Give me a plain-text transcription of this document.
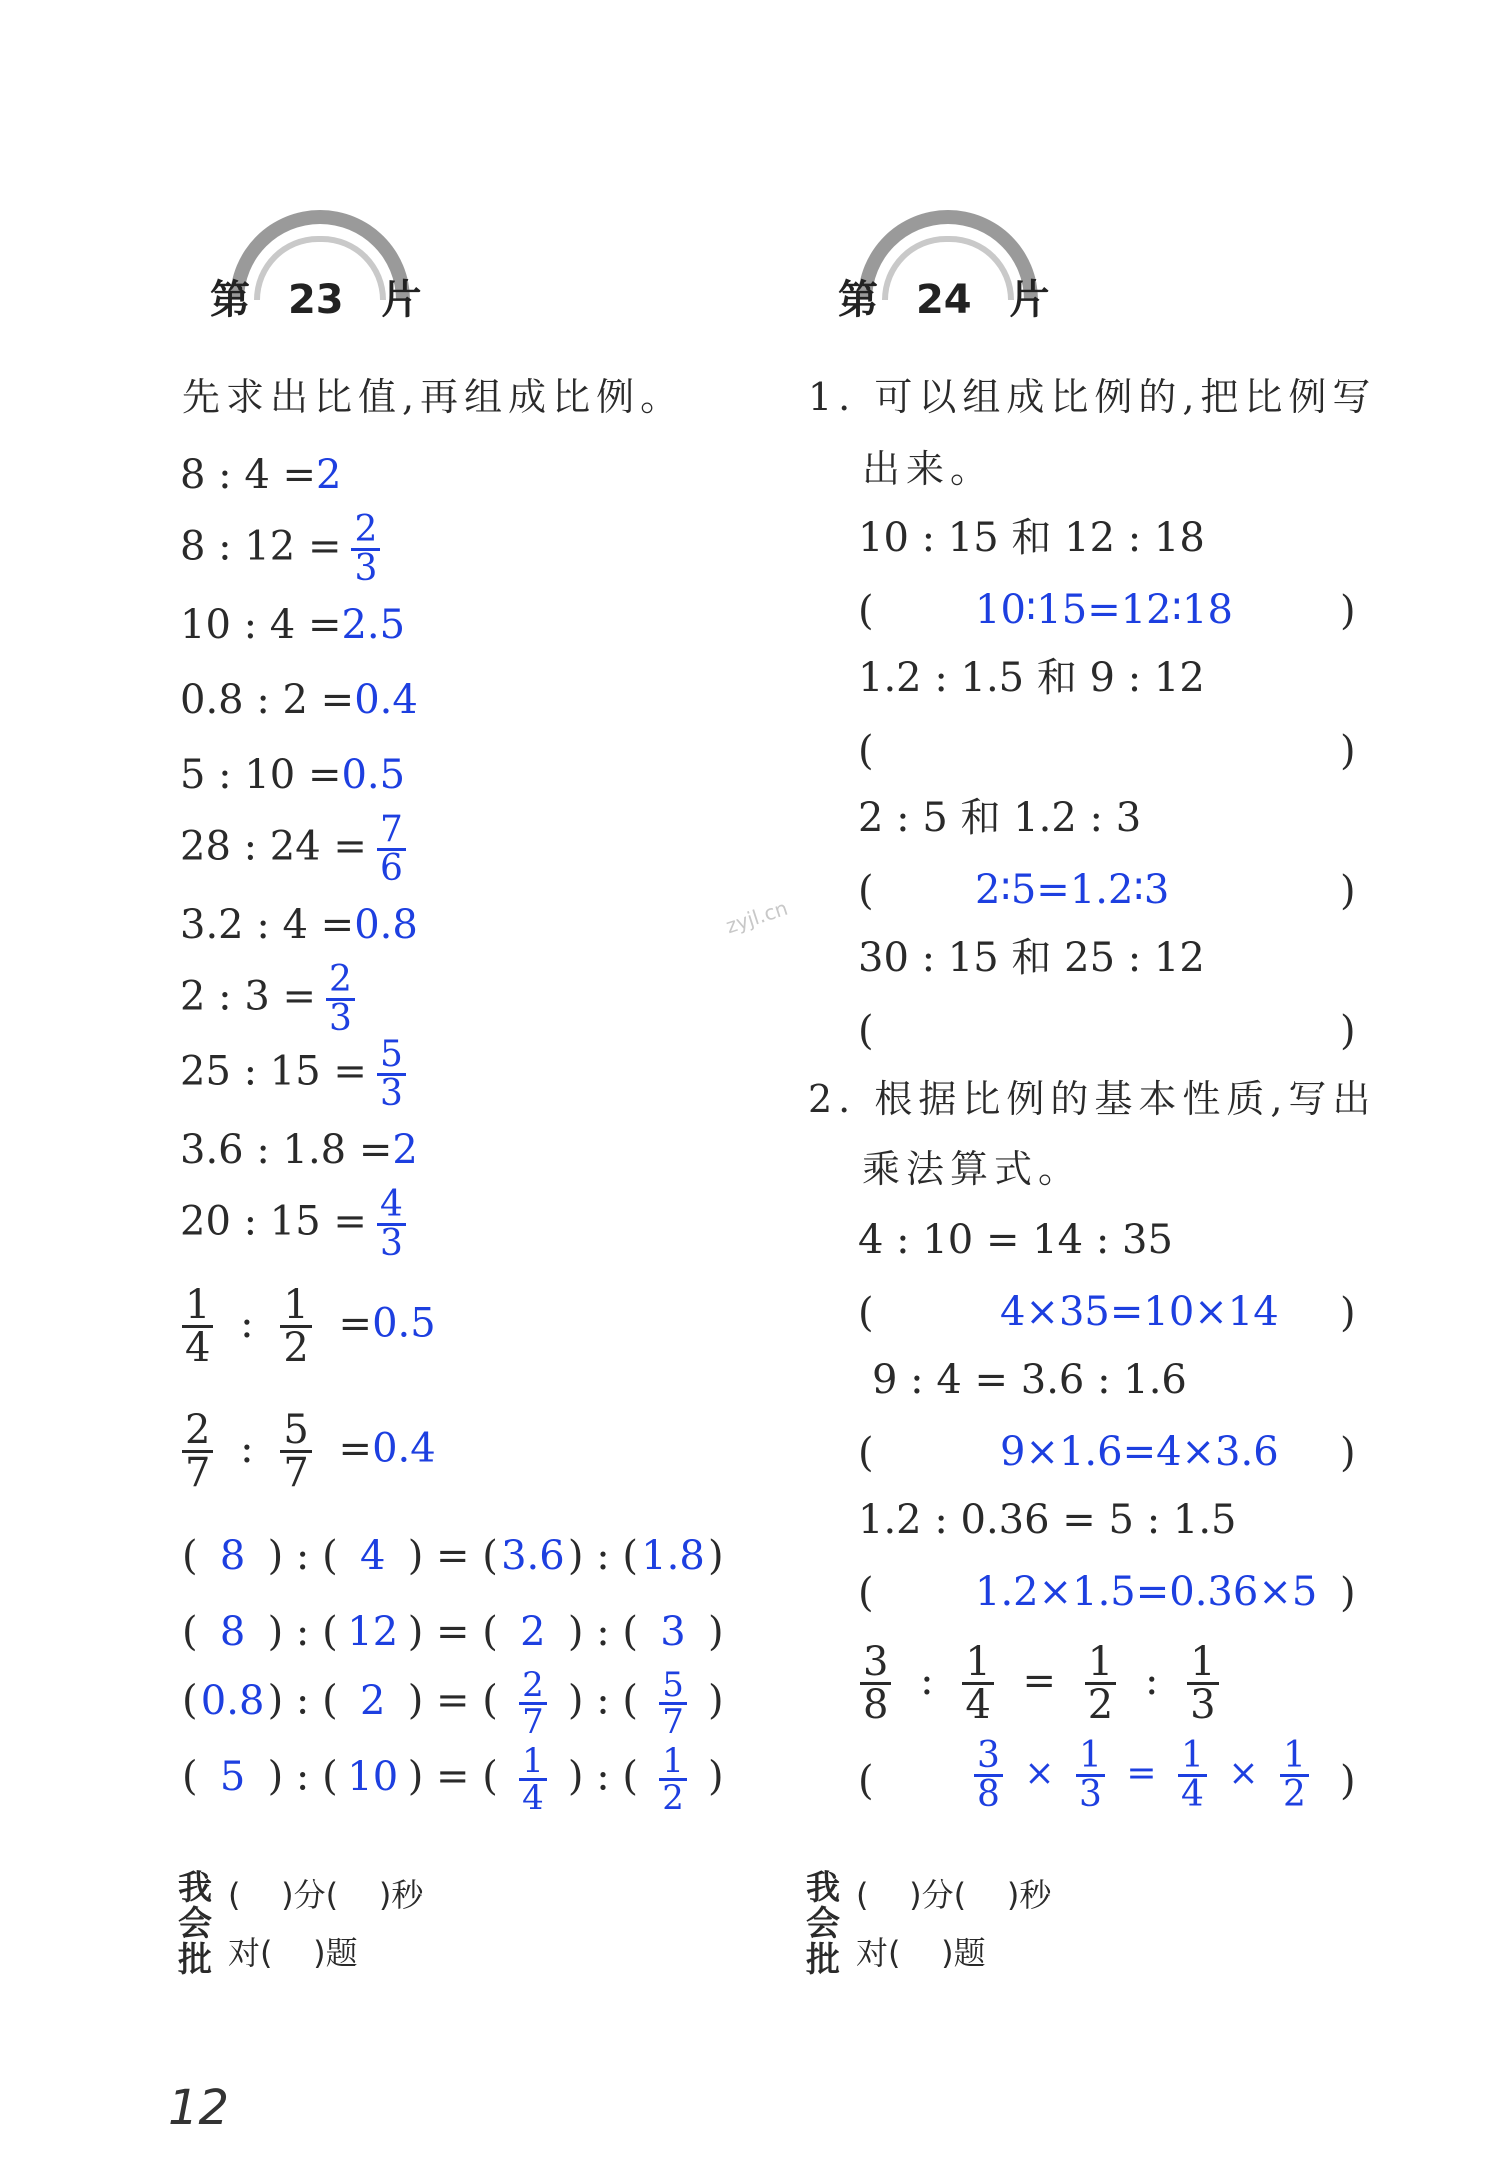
第 23 片	第 24 片
先求出比值,再组成比例。
8 : 4 =2
8 : $12 = \frac{2}{3}$
10 : 4 =2.5
0.8 : 2 =0.4
5 : 10 =0.5
28 : $24 = \frac{7}{6}$
3.2 : 4 =0.8
2 : $3 = \frac{2}{3}$
25 : $15 = \frac{5}{3}$
3.6 : 1.8 =2
20 : $15 = \frac{4}{3}$
$\frac{1}{4}$ : $\frac{1}{2} =0.5$
$\frac{2}{7}$ : $\frac{5}{7} =0.4$
( 8 ) : ( 4 ) = (3.6) : (1.8)
( 8 ) : ( 12 ) = ( 2 ) : ( 3 )
(0.8) : ( 2 ) = ( $\frac{2}{7}$ ) : ( $\frac{5}{7}$ )
( 5 ) : ( 10 ) = ( $\frac{1}{4}$ ) : ( $\frac{1}{2}$ )
我
会
批
(    )分(    )秒
对(    )题
1. 可以组成比例的,把比例写
出来。
10 : 15 和 12 : 18
(	10∶15=12∶18	)
1.2 : 1.5 和 9 : 12
(	)
2 : 5 和 1.2 : 3
(	2∶5=1.2∶3	)
30 : 15 和 25 : 12
(	)
2. 根据比例的基本性质,写出
乘法算式。
4 : 10 = 14 : 35
(	4×35=10×14 )
9 : 4 = 3.6 : 1.6
(	9×1.6=4×3.6 )
1.2 : 0.36 = 5 : 1.5
(	1.2×1.5=0.36×5 )
$\frac{3}{8}$ : $\frac{1}{4} = \frac{1}{2}$ : $\frac{1}{3}$
(	$\frac{3}{8} \times \frac{1}{3} = \frac{1}{4} \times \frac{1}{2}$ )
我
会
批
(    )分(    )秒
对(    )题
zyjl.cn
12
